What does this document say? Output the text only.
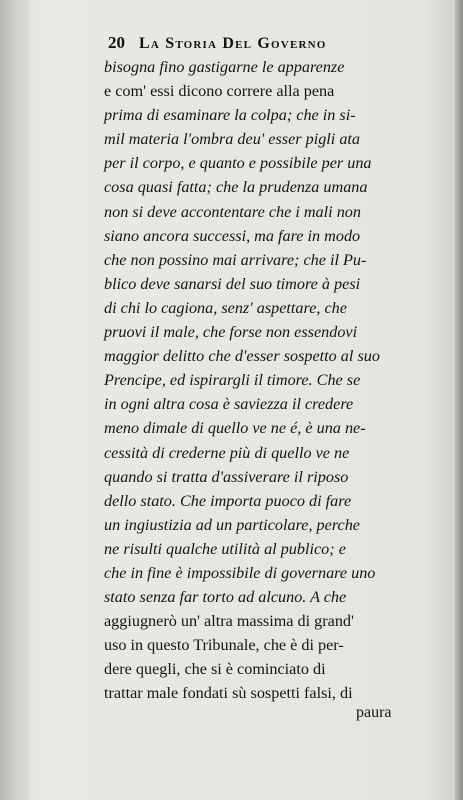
20 La Storia Del Governo
bisogna fino gastigarne le apparenze
e com' essi dicono correre alla pena
prima di esaminare la colpa; che in si-
mil materia l'ombra deu' esser pigli ata
per il corpo, e quanto e possibile per una
cosa quasi fatta; che la prudenza umana
non si deve accontentare che i mali non
siano ancora successi, ma fare in modo
che non possino mai arrivare; che il Pu-
blico deve sanarsi del suo timore à pesi
di chi lo cagiona, senz' aspettare, che
pruovi il male, che forse non essendovi
maggior delitto che d'esser sospetto al suo
Prencipe, ed ispirargli il timore. Che se
in ogni altra cosa è saviezza il credere
meno dimale di quello ve ne é, è una ne-
cessità di crederne più di quello ve ne
quando si tratta d'assiverare il riposo
dello stato. Che importa puoco di fare
un ingiustizia ad un particolare, perche
ne risulti qualche utilità al publico; e
che in fine è impossibile di governare uno
stato senza far torto ad alcuno. A che
aggiugnerò un' altra massima di grand'
uso in questo Tribunale, che è di per-
dere quegli, che si è cominciato di
trattar male fondati sù sospetti falsi, di
paura
